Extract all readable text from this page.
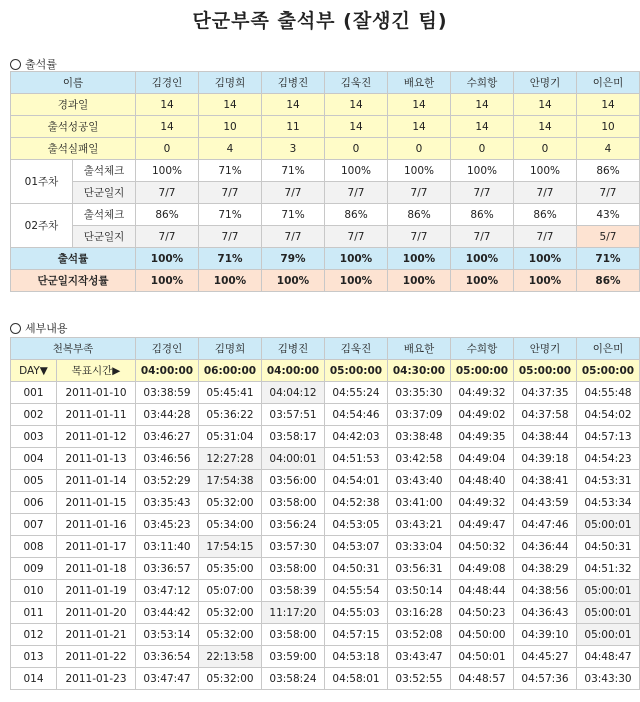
단군부족 출석부 (잘생긴 팀)
출석률
이름		김경인	김명희	김병진	김욱진	배요한	수희항	안명기	이은미
경과일		14	14	14	14	14	14	14	14
출석성공일		14	10	11	14	14	14	14	10
출석실패일		0	4	3	0	0	0	0	4
01주차	출석체크	100%	71%	71%	100%	100%	100%	100%	86%
	단군일지	7/7	7/7	7/7	7/7	7/7	7/7	7/7	7/7
02주차	출석체크	86%	71%	71%	86%	86%	86%	86%	43%
	단군일지	7/7	7/7	7/7	7/7	7/7	7/7	7/7	5/7
출석률		100%	71%	79%	100%	100%	100%	100%	71%
단군일지작성률		100%	100%	100%	100%	100%	100%	100%	86%
세부내용
천복부족		김경인	김명희	김병진	김욱진	배요한	수희항	안명기	이은미
DAY▼	목표시간▶	04:00:00	06:00:00	04:00:00	05:00:00	04:30:00	05:00:00	05:00:00	05:00:00
001	2011-01-10	03:38:59	05:45:41	04:04:12	04:55:24	03:35:30	04:49:32	04:37:35	04:55:48
002	2011-01-11	03:44:28	05:36:22	03:57:51	04:54:46	03:37:09	04:49:02	04:37:58	04:54:02
003	2011-01-12	03:46:27	05:31:04	03:58:17	04:42:03	03:38:48	04:49:35	04:38:44	04:57:13
004	2011-01-13	03:46:56	12:27:28	04:00:01	04:51:53	03:42:58	04:49:04	04:39:18	04:54:23
005	2011-01-14	03:52:29	17:54:38	03:56:00	04:54:01	03:43:40	04:48:40	04:38:41	04:53:31
006	2011-01-15	03:35:43	05:32:00	03:58:00	04:52:38	03:41:00	04:49:32	04:43:59	04:53:34
007	2011-01-16	03:45:23	05:34:00	03:56:24	04:53:05	03:43:21	04:49:47	04:47:46	05:00:01
008	2011-01-17	03:11:40	17:54:15	03:57:30	04:53:07	03:33:04	04:50:32	04:36:44	04:50:31
009	2011-01-18	03:36:57	05:35:00	03:58:00	04:50:31	03:56:31	04:49:08	04:38:29	04:51:32
010	2011-01-19	03:47:12	05:07:00	03:58:39	04:55:54	03:50:14	04:48:44	04:38:56	05:00:01
011	2011-01-20	03:44:42	05:32:00	11:17:20	04:55:03	03:16:28	04:50:23	04:36:43	05:00:01
012	2011-01-21	03:53:14	05:32:00	03:58:00	04:57:15	03:52:08	04:50:00	04:39:10	05:00:01
013	2011-01-22	03:36:54	22:13:58	03:59:00	04:53:18	03:43:47	04:50:01	04:45:27	04:48:47
014	2011-01-23	03:47:47	05:32:00	03:58:24	04:58:01	03:52:55	04:48:57	04:57:36	03:43:30
